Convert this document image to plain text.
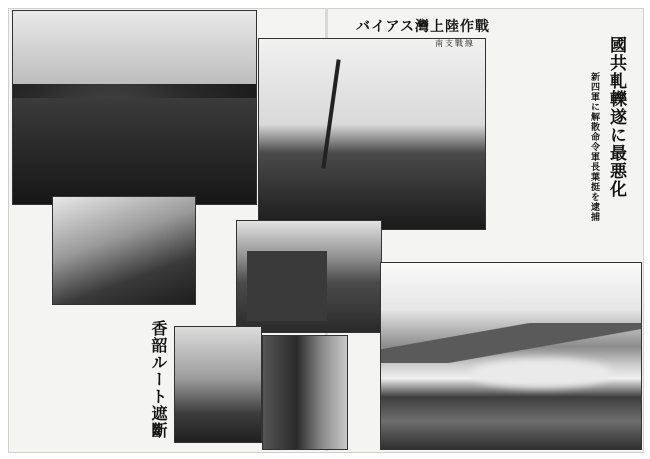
バイアス灣上陸作戰
南支戰線	國共軋轢遂に最悪化
新四軍に解散命令軍長葉挺を逮捕
香韶ルート遮斷
